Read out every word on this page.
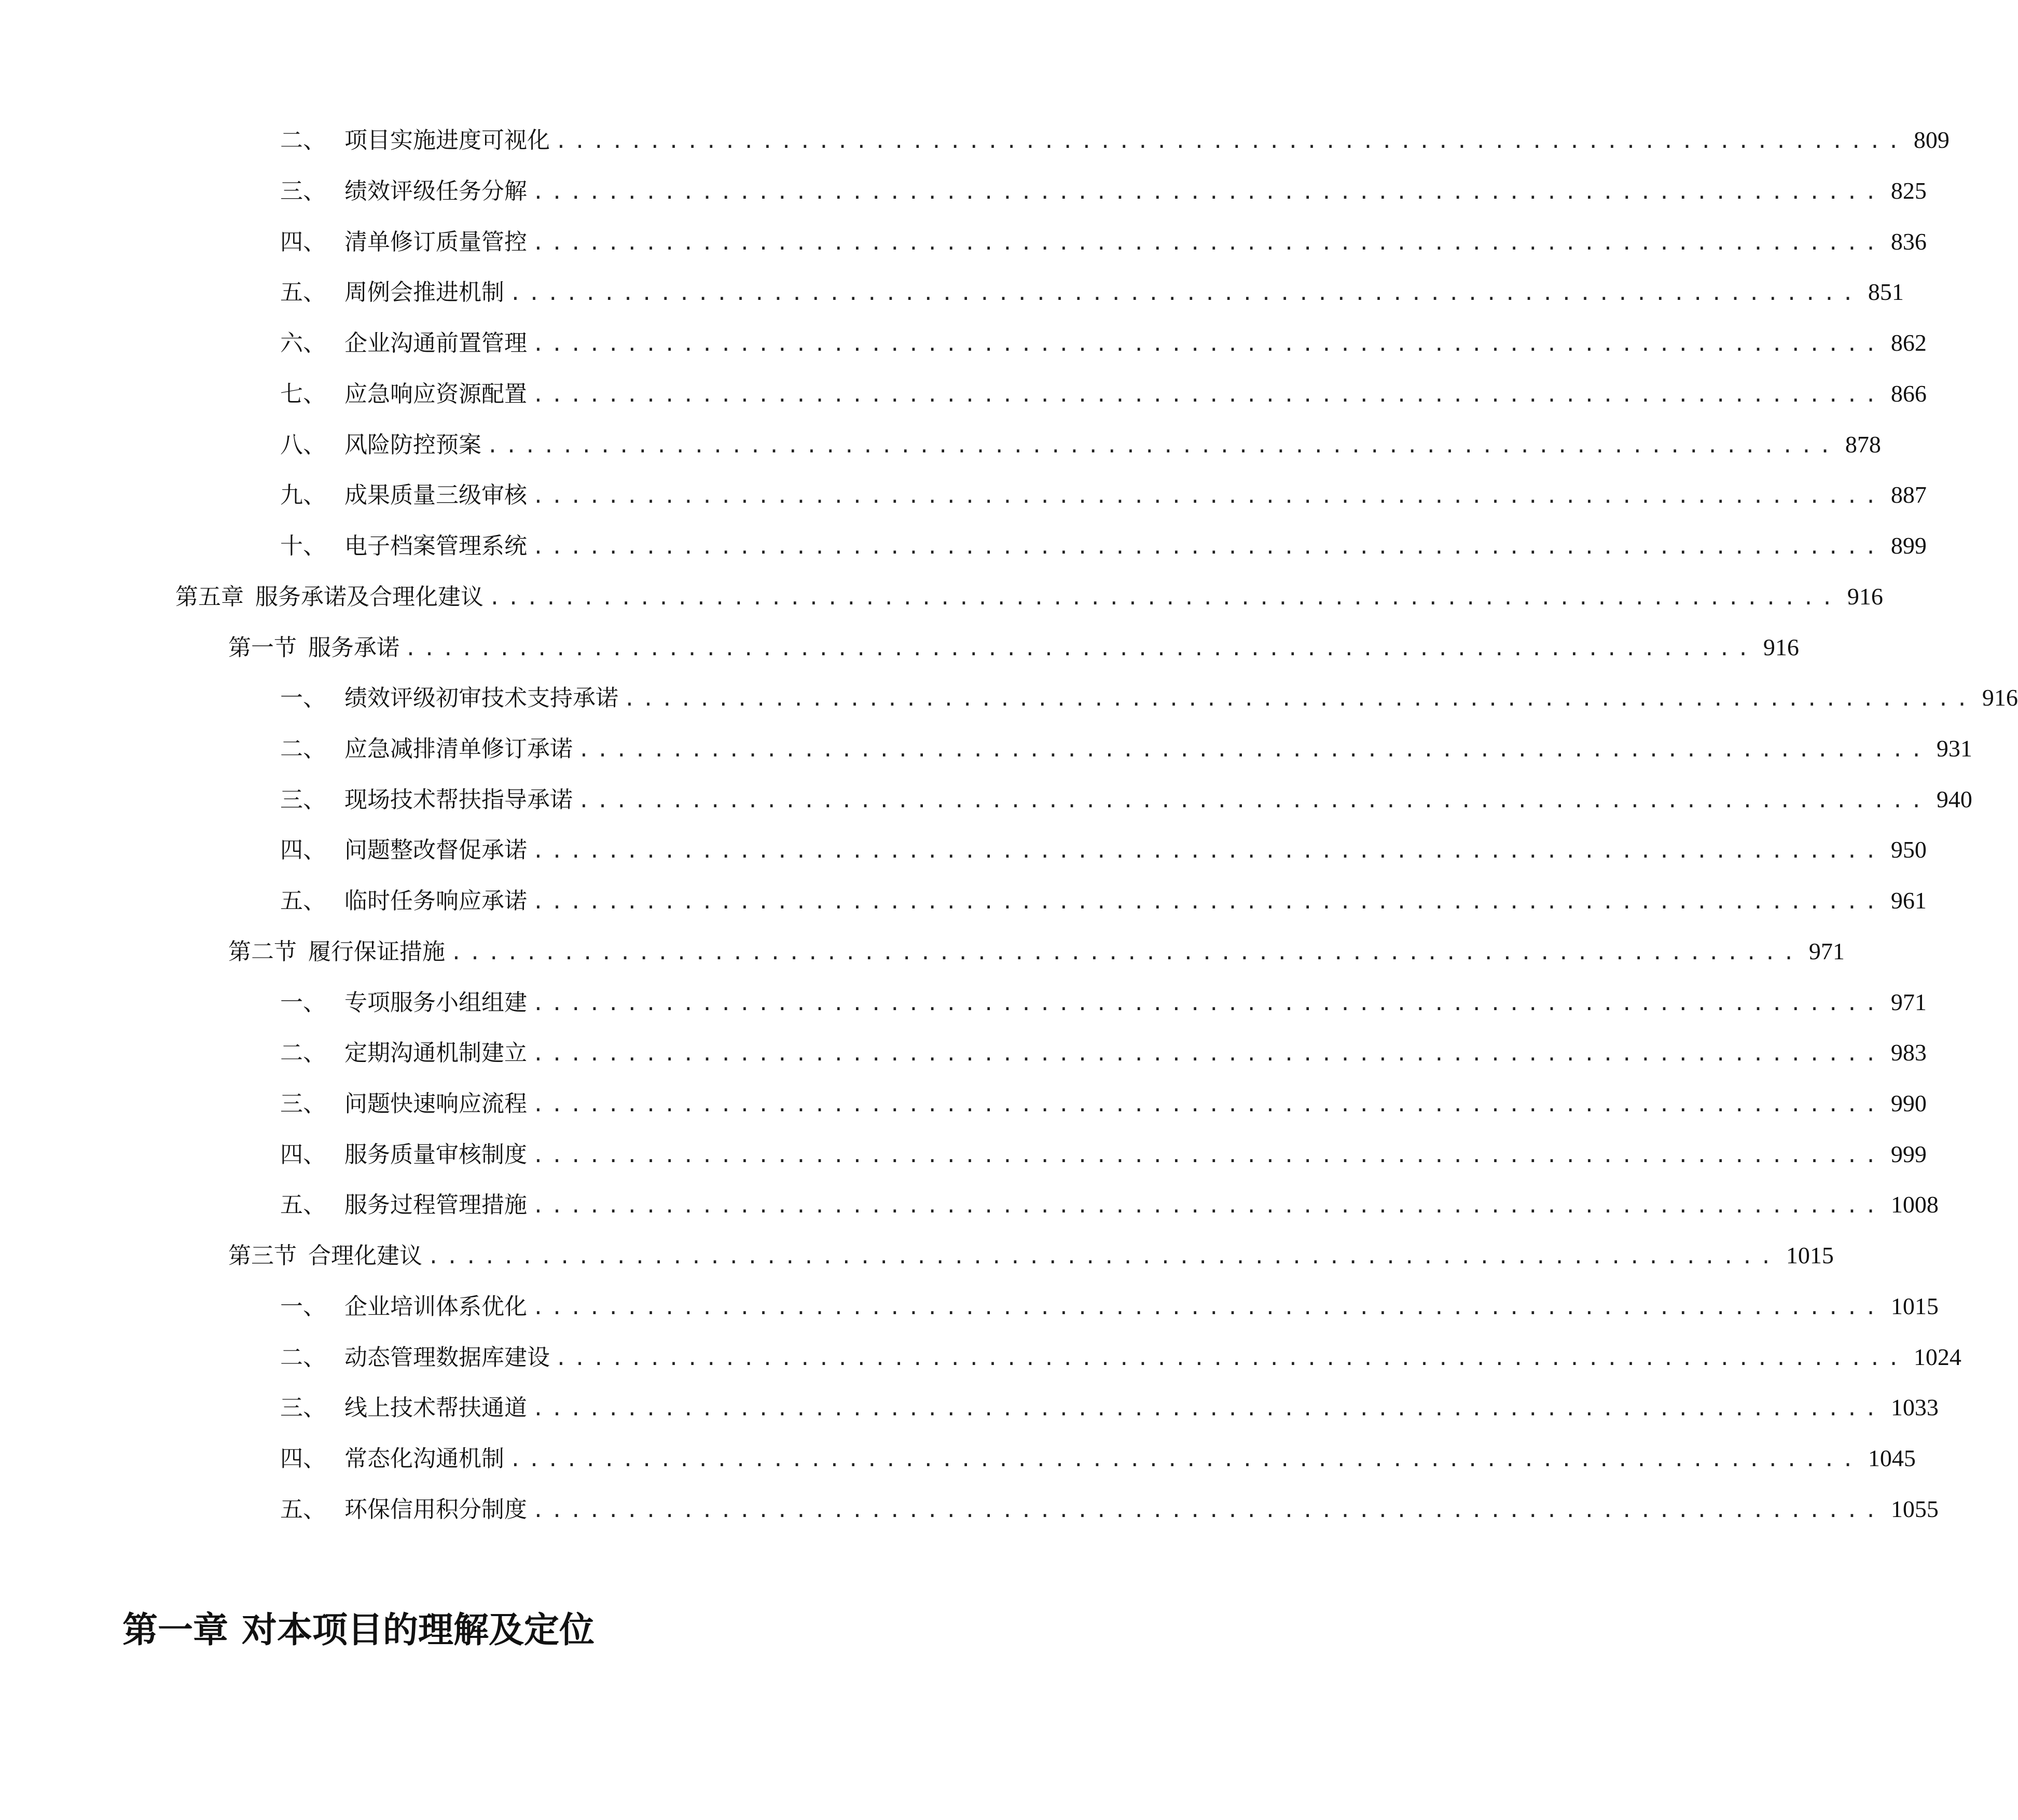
二、 项目实施进度可视化 ........................................................................ 809
三、 绩效评级任务分解 ........................................................................ 825
四、 清单修订质量管控 ........................................................................ 836
五、 周例会推进机制 ........................................................................ 851
六、 企业沟通前置管理 ........................................................................ 862
七、 应急响应资源配置 ........................................................................ 866
八、 风险防控预案 ........................................................................ 878
九、 成果质量三级审核 ........................................................................ 887
十、 电子档案管理系统 ........................................................................ 899
第五章 服务承诺及合理化建议 ........................................................................ 916
第一节 服务承诺 ........................................................................ 916
一、 绩效评级初审技术支持承诺 ........................................................................ 916
二、 应急减排清单修订承诺 ........................................................................ 931
三、 现场技术帮扶指导承诺 ........................................................................ 940
四、 问题整改督促承诺 ........................................................................ 950
五、 临时任务响应承诺 ........................................................................ 961
第二节 履行保证措施 ........................................................................ 971
一、 专项服务小组组建 ........................................................................ 971
二、 定期沟通机制建立 ........................................................................ 983
三、 问题快速响应流程 ........................................................................ 990
四、 服务质量审核制度 ........................................................................ 999
五、 服务过程管理措施 ........................................................................ 1008
第三节 合理化建议 ........................................................................ 1015
一、 企业培训体系优化 ........................................................................ 1015
二、 动态管理数据库建设 ........................................................................ 1024
三、 线上技术帮扶通道 ........................................................................ 1033
四、 常态化沟通机制 ........................................................................ 1045
五、 环保信用积分制度 ........................................................................ 1055
第一章 对本项目的理解及定位
